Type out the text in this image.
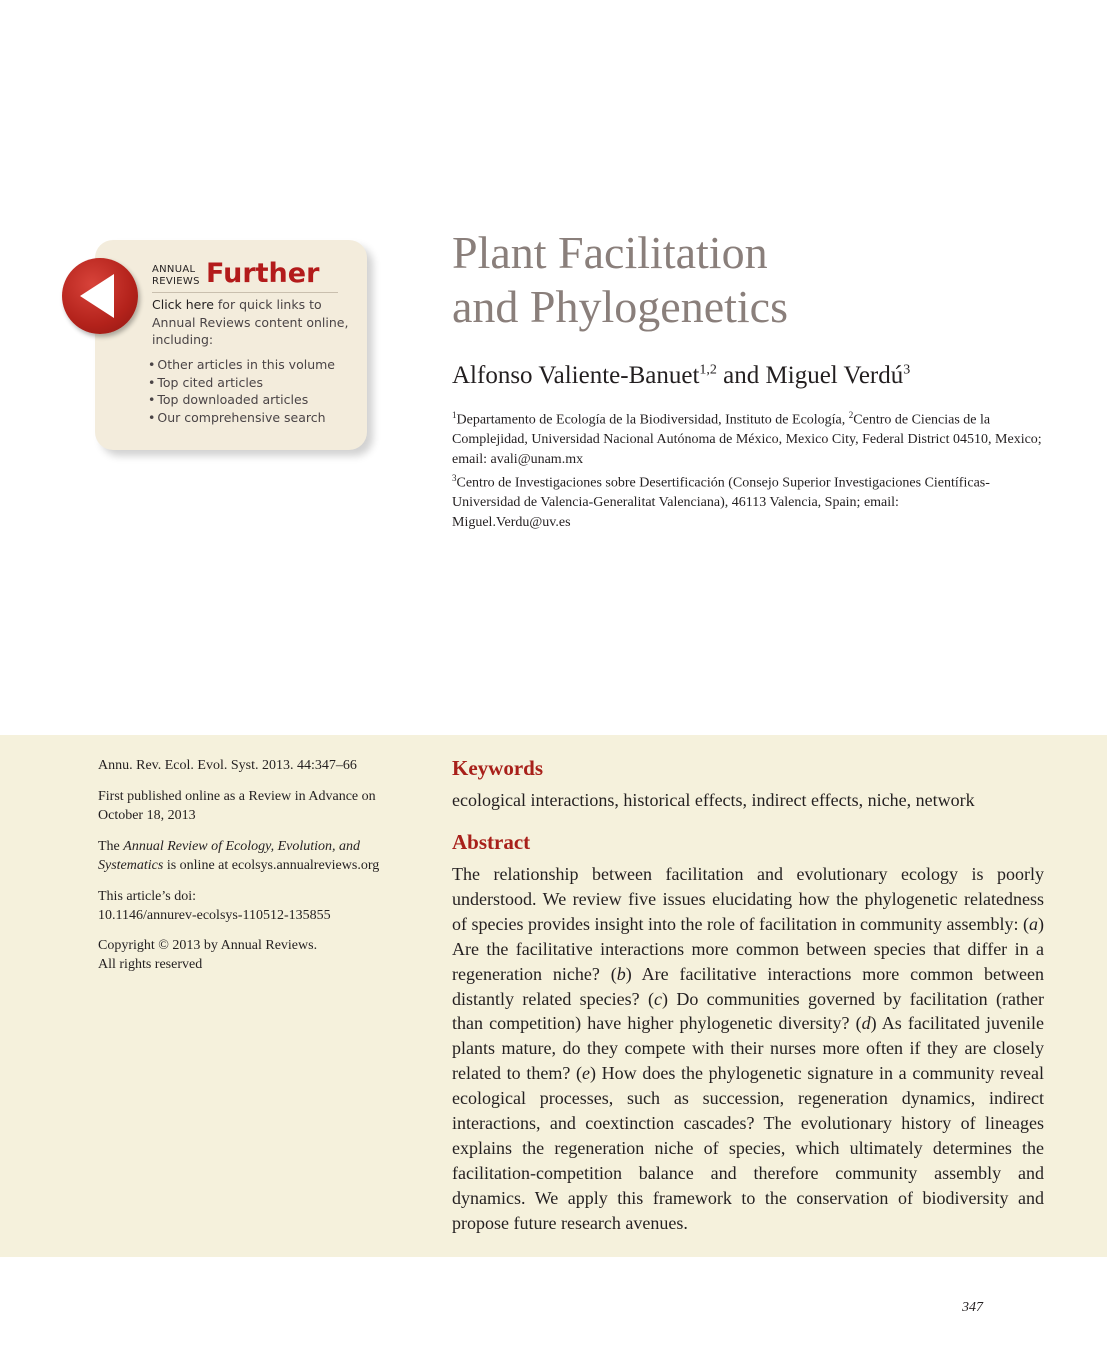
ANNUAL
REVIEWS Further
Click here for quick links to Annual Reviews content online, including:
• Other articles in this volume
• Top cited articles
• Top downloaded articles
• Our comprehensive search
Plant Facilitation
and Phylogenetics
Alfonso Valiente-Banuet$^{1,2}$ and Miguel Verdú$^3$
$^1$Departamento de Ecología de la Biodiversidad, Instituto de Ecología, $^2$Centro de Ciencias de la Complejidad, Universidad Nacional Autónoma de México, Mexico City, Federal District 04510, Mexico; email: avali@unam.mx
$^3$Centro de Investigaciones sobre Desertificación (Consejo Superior Investigaciones Científicas-Universidad de Valencia-Generalitat Valenciana), 46113 Valencia, Spain; email: Miguel.Verdu@uv.es
Annu. Rev. Ecol. Evol. Syst. 2013. 44:347–66
First published online as a Review in Advance on October 18, 2013
The Annual Review of Ecology, Evolution, and Systematics is online at ecolsys.annualreviews.org
This article’s doi:
10.1146/annurev-ecolsys-110512-135855
Copyright © 2013 by Annual Reviews.
All rights reserved
Keywords
ecological interactions, historical effects, indirect effects, niche, network
Abstract
The relationship between facilitation and evolutionary ecology is poorly understood. We review five issues elucidating how the phylogenetic relatedness of species provides insight into the role of facilitation in community assembly: (a) Are the facilitative interactions more common between species that differ in a regeneration niche? (b) Are facilitative interactions more common between distantly related species? (c) Do communities governed by facilitation (rather than competition) have higher phylogenetic diversity? (d) As facilitated juvenile plants mature, do they compete with their nurses more often if they are closely related to them? (e) How does the phylogenetic signature in a community reveal ecological processes, such as succession, regeneration dynamics, indirect interactions, and coextinction cascades? The evolutionary history of lineages explains the regeneration niche of species, which ultimately determines the facilitation-competition balance and therefore community assembly and dynamics. We apply this framework to the conservation of biodiversity and propose future research avenues.
347
